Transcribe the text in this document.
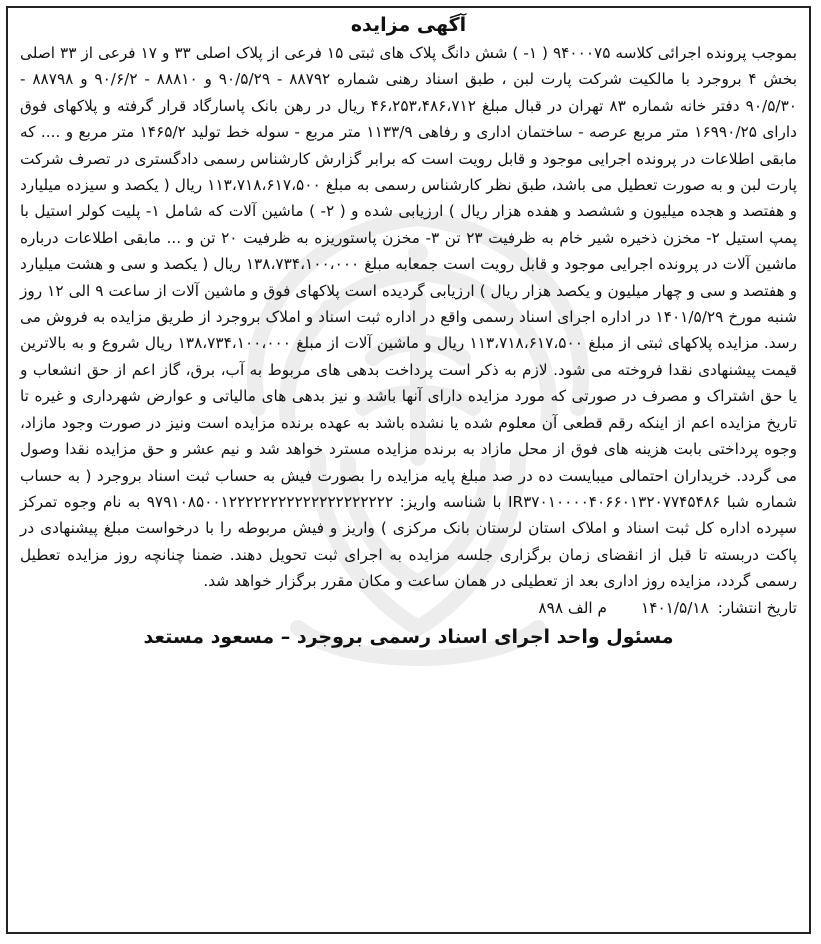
آگهی مزایده

بموجب پرونده اجرائی کلاسه ۹۴۰۰۰۷۵ ( ۱- ) شش دانگ پلاک های ثبتی ۱۵ فرعی از پلاک اصلی ۳۳ و ۱۷ فرعی از ۳۳ اصلی بخش ۴ بروجرد با مالکیت شرکت پارت لبن ، طبق اسناد رهنی شماره ۸۸۷۹۲ - ۹۰/۵/۲۹ و ۸۸۸۱۰ - ۹۰/۶/۲ و ۸۸۷۹۸ - ۹۰/۵/۳۰ دفتر خانه شماره ۸۳ تهران در قبال مبلغ ۴۶،۲۵۳،۴۸۶،۷۱۲ ریال در رهن بانک پاسارگاد قرار گرفته و پلاکهای فوق دارای ۱۶۹۹۰/۲۵ متر مربع عرصه - ساختمان اداری و رفاهی ۱۱۳۳/۹ متر مربع - سوله خط تولید ۱۴۶۵/۲ متر مربع و .... که مابقی اطلاعات در پرونده اجرایی موجود و قابل رویت است که برابر گزارش کارشناس رسمی دادگستری در تصرف شرکت پارت لبن و به صورت تعطیل می باشد، طبق نظر کارشناس رسمی به مبلغ ۱۱۳،۷۱۸،۶۱۷،۵۰۰ ریال ( یکصد و سیزده میلیارد و هفتصد و هجده میلیون و ششصد و هفده هزار ریال ) ارزیابی شده و ( ۲- ) ماشین آلات که شامل ۱- پلیت کولر استیل با پمپ استیل ۲- مخزن ذخیره شیر خام به ظرفیت ۲۳ تن ۳- مخزن پاستوریزه به ظرفیت ۲۰ تن و ... مابقی اطلاعات درباره ماشین آلات در پرونده اجرایی موجود و قابل رویت است جمعابه مبلغ ۱۳۸،۷۳۴،۱۰۰،۰۰۰ ریال ( یکصد و سی و هشت میلیارد و هفتصد و سی و چهار میلیون و یکصد هزار ریال ) ارزیابی گردیده است پلاکهای فوق و ماشین آلات از ساعت ۹ الی ۱۲ روز شنبه مورخ ۱۴۰۱/۵/۲۹ در اداره اجرای اسناد رسمی واقع در اداره ثبت اسناد و املاک بروجرد از طریق مزایده به فروش می رسد. مزایده پلاکهای ثبتی از مبلغ ۱۱۳،۷۱۸،۶۱۷،۵۰۰ ریال و ماشین آلات از مبلغ ۱۳۸،۷۳۴،۱۰۰،۰۰۰ ریال شروع و به بالاترین قیمت پیشنهادی نقدا فروخته می شود. لازم به ذکر است پرداخت بدهی های مربوط به آب، برق، گاز اعم از حق انشعاب و یا حق اشتراک و مصرف در صورتی که مورد مزایده دارای آنها باشد و نیز بدهی های مالیاتی و عوارض شهرداری و غیره تا تاریخ مزایده اعم از اینکه رقم قطعی آن معلوم شده یا نشده باشد به عهده برنده مزایده است ونیز در صورت وجود مازاد، وجوه پرداختی بابت هزینه های فوق از محل مازاد به برنده مزایده مسترد خواهد شد و نیم عشر و حق مزایده نقدا وصول می گردد. خریداران احتمالی میبایست ده در صد مبلغ پایه مزایده را بصورت فیش به حساب ثبت اسناد بروجرد ( به حساب شماره شبا IR۳۷۰۱۰۰۰۰۴۰۶۶۰۱۳۲۰۷۷۴۵۴۸۶ با شناسه واریز: ۹۷۹۱۰۸۵۰۰۱۲۲۲۲۲۲۲۲۲۲۲۲۲۲۲۲۲۲۲۲ به نام وجوه تمرکز سپرده اداره کل ثبت اسناد و املاک استان لرستان بانک مرکزی ) واریز و فیش مربوطه را با درخواست مبلغ پیشنهادی در پاکت دربسته تا قبل از انقضای زمان برگزاری جلسه مزایده به اجرای ثبت تحویل دهند. ضمنا چنانچه روز مزایده تعطیل رسمی گردد، مزایده روز اداری بعد از تعطیلی در همان ساعت و مکان مقرر برگزار خواهد شد.

تاریخ انتشار: ۱۴۰۱/۵/۱۸
م الف ۸۹۸
مسئول واحد اجرای اسناد رسمی بروجرد – مسعود مستعد
